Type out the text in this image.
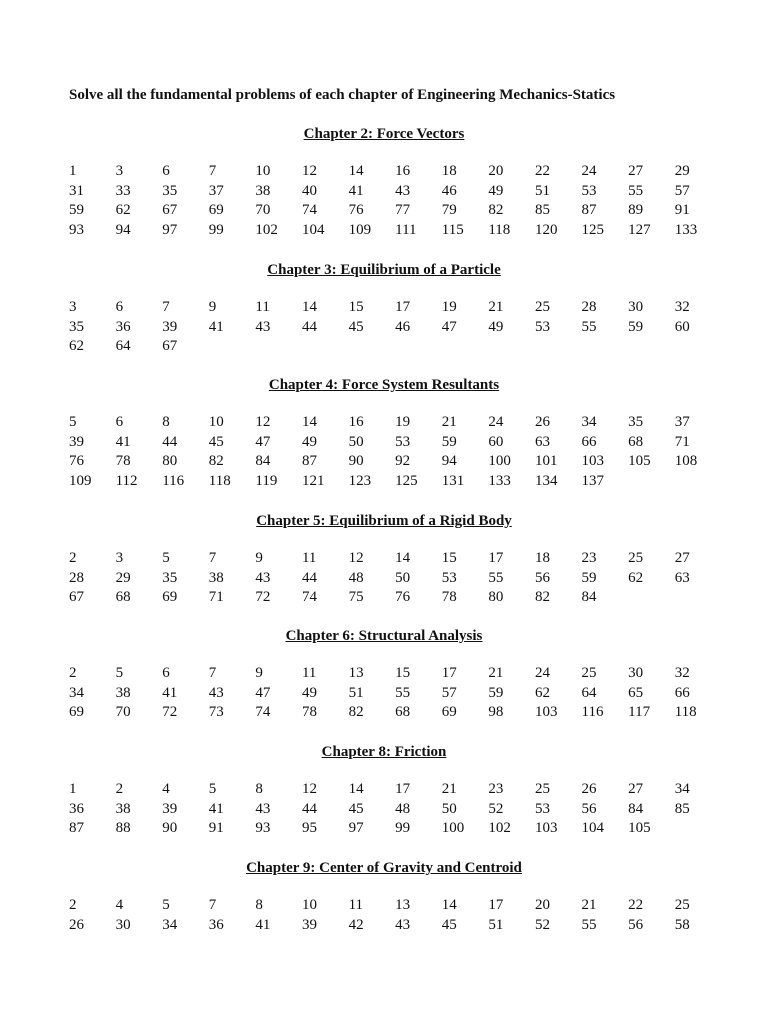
Solve all the fundamental problems of each chapter of Engineering Mechanics-Statics
Chapter 2: Force Vectors
1	3	6	7	10 12 14 16 18 20 22 24 27 29
31 33 35 37 38 40 41 43 46 49 51 53 55 57
59 62 67 69 70 74 76 77 79 82 85 87 89 91
93 94 97 99 102 104 109 111 115 118 120 125 127 133
Chapter 3: Equilibrium of a Particle
3	6	7	9	11 14 15 17 19 21 25 28 30 32
35 36 39 41 43 44 45 46 47 49 53 55 59 60
62 64 67
Chapter 4: Force System Resultants
5	6	8	10 12 14 16 19 21 24 26 34 35 37
39 41 44 45 47 49 50 53 59 60 63 66 68 71
76 78 80 82 84 87 90 92 94 100 101 103 105 108
109 112 116 118 119 121 123 125 131 133 134 137
Chapter 5: Equilibrium of a Rigid Body
2	3	5	7	9	11 12 14 15 17 18 23 25 27
28 29 35 38 43 44 48 50 53 55 56 59 62 63
67 68 69 71 72 74 75 76 78 80 82 84
Chapter 6: Structural Analysis
2	5	6	7	9	11 13 15 17 21 24 25 30 32
34 38 41 43 47 49 51 55 57 59 62 64 65 66
69 70 72 73 74 78 82 68 69 98 103 116 117 118
Chapter 8: Friction
1	2	4	5	8	12 14 17 21 23 25 26 27 34
36 38 39 41 43 44 45 48 50 52 53 56 84 85
87 88 90 91 93 95 97 99 100 102 103 104 105
Chapter 9: Center of Gravity and Centroid
2	4	5	7	8	10 11 13 14 17 20 21 22 25
26 30 34 36 41 39 42 43 45 51 52 55 56 58
